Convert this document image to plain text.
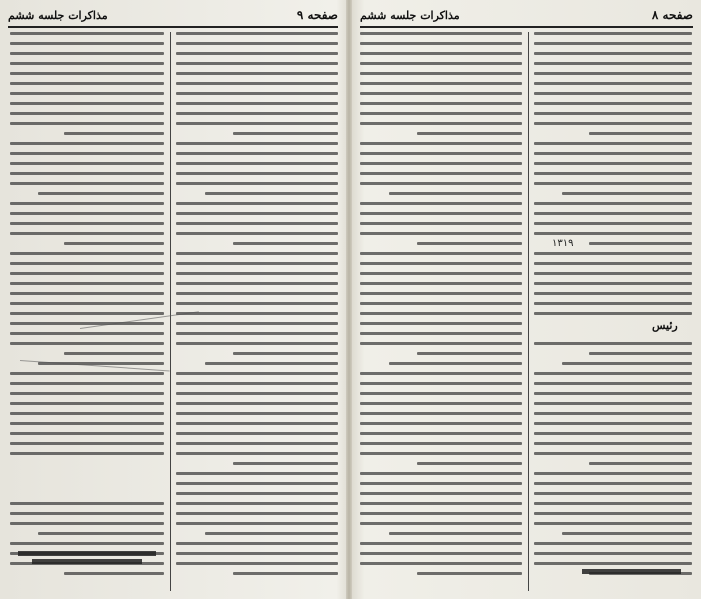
صفحه ۹
مذاکرات جلسه ششم	صفحه ۸
مذاکرات جلسه ششم
رئیس
۱۳۱۹
